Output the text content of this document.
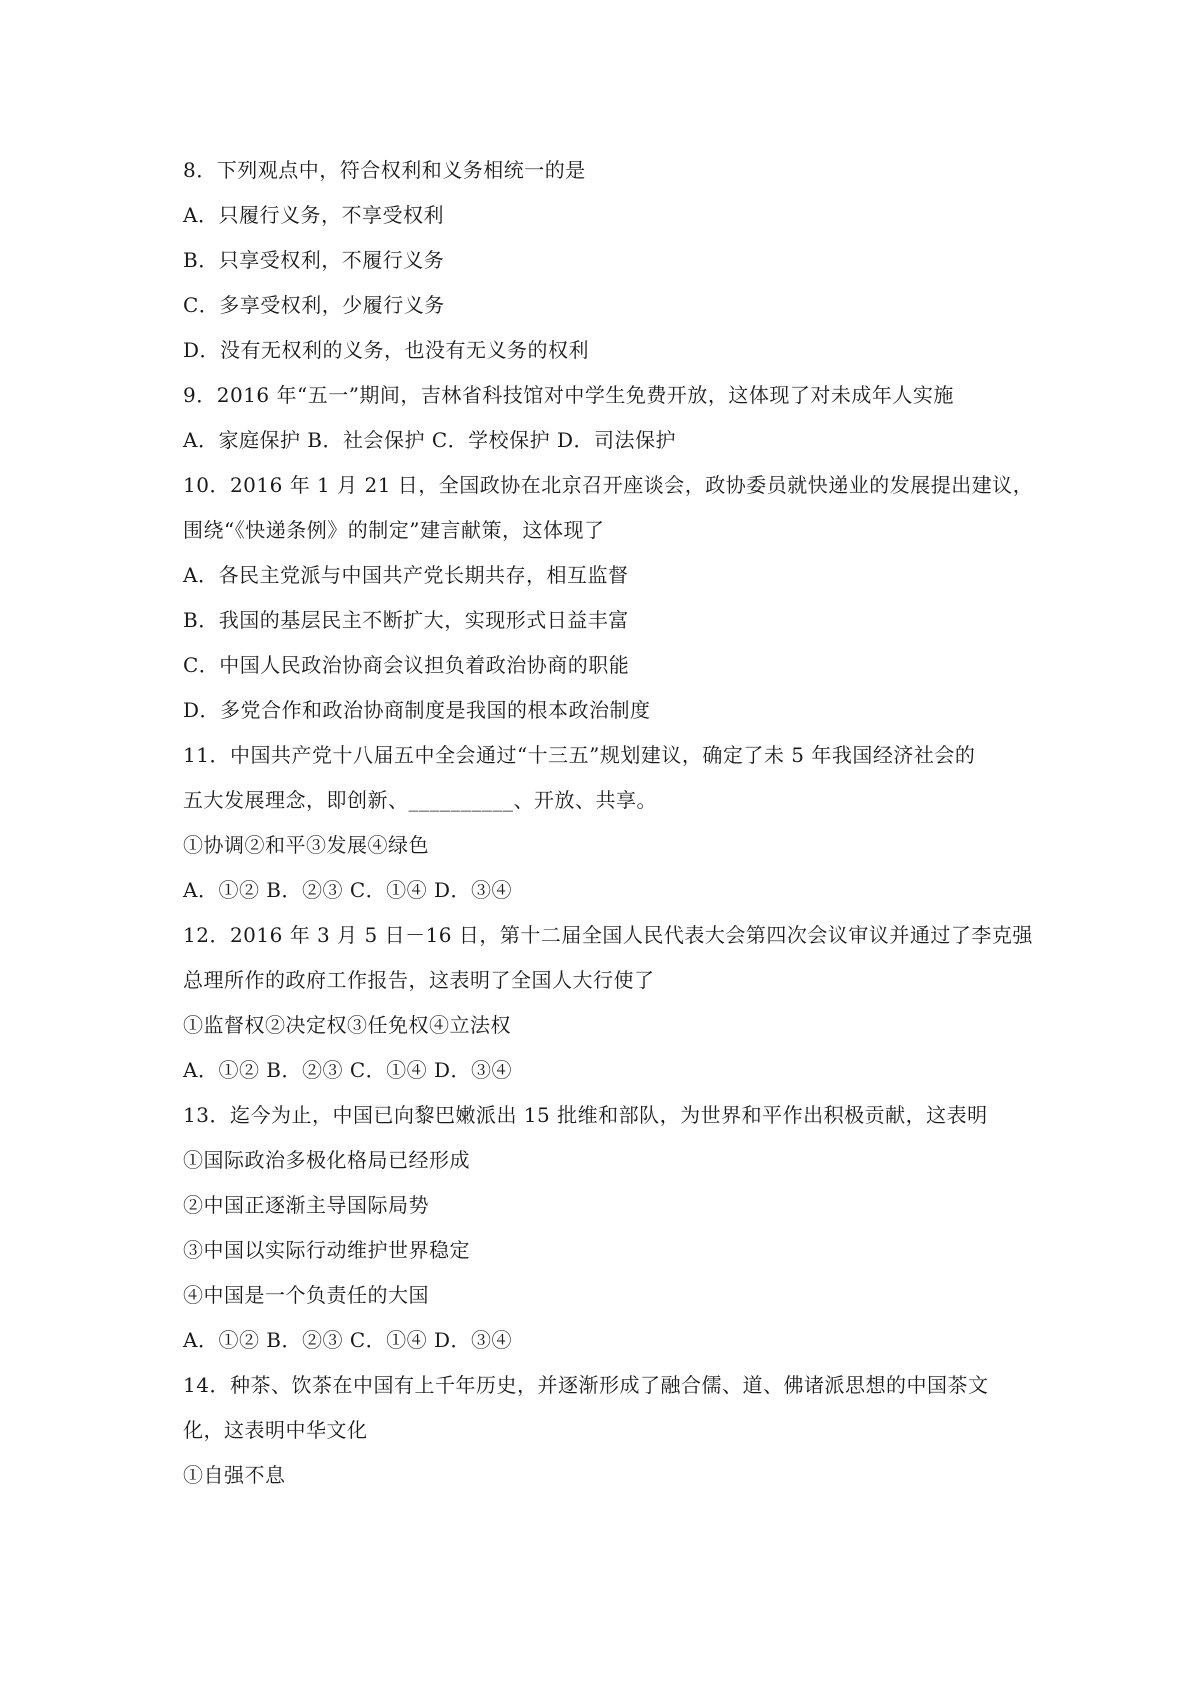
8．下列观点中，符合权利和义务相统一的是
A．只履行义务，不享受权利
B．只享受权利，不履行义务
C．多享受权利，少履行义务
D．没有无权利的义务，也没有无义务的权利
9．2016 年“五一”期间，吉林省科技馆对中学生免费开放，这体现了对未成年人实施
A．家庭保护 B．社会保护 C．学校保护 D．司法保护
10．2016 年 1 月 21 日，全国政协在北京召开座谈会，政协委员就快递业的发展提出建议，
围绕“《快递条例》的制定”建言献策，这体现了
A．各民主党派与中国共产党长期共存，相互监督
B．我国的基层民主不断扩大，实现形式日益丰富
C．中国人民政治协商会议担负着政治协商的职能
D．多党合作和政治协商制度是我国的根本政治制度
11．中国共产党十八届五中全会通过“十三五”规划建议，确定了未 5 年我国经济社会的
五大发展理念，即创新、__________、开放、共享。
①协调②和平③发展④绿色
A．①② B．②③ C．①④ D．③④
12．2016 年 3 月 5 日－16 日，第十二届全国人民代表大会第四次会议审议并通过了李克强
总理所作的政府工作报告，这表明了全国人大行使了
①监督权②决定权③任免权④立法权
A．①② B．②③ C．①④ D．③④
13．迄今为止，中国已向黎巴嫩派出 15 批维和部队，为世界和平作出积极贡献，这表明
①国际政治多极化格局已经形成
②中国正逐渐主导国际局势
③中国以实际行动维护世界稳定
④中国是一个负责任的大国
A．①② B．②③ C．①④ D．③④
14．种茶、饮茶在中国有上千年历史，并逐渐形成了融合儒、道、佛诸派思想的中国茶文
化，这表明中华文化
①自强不息
